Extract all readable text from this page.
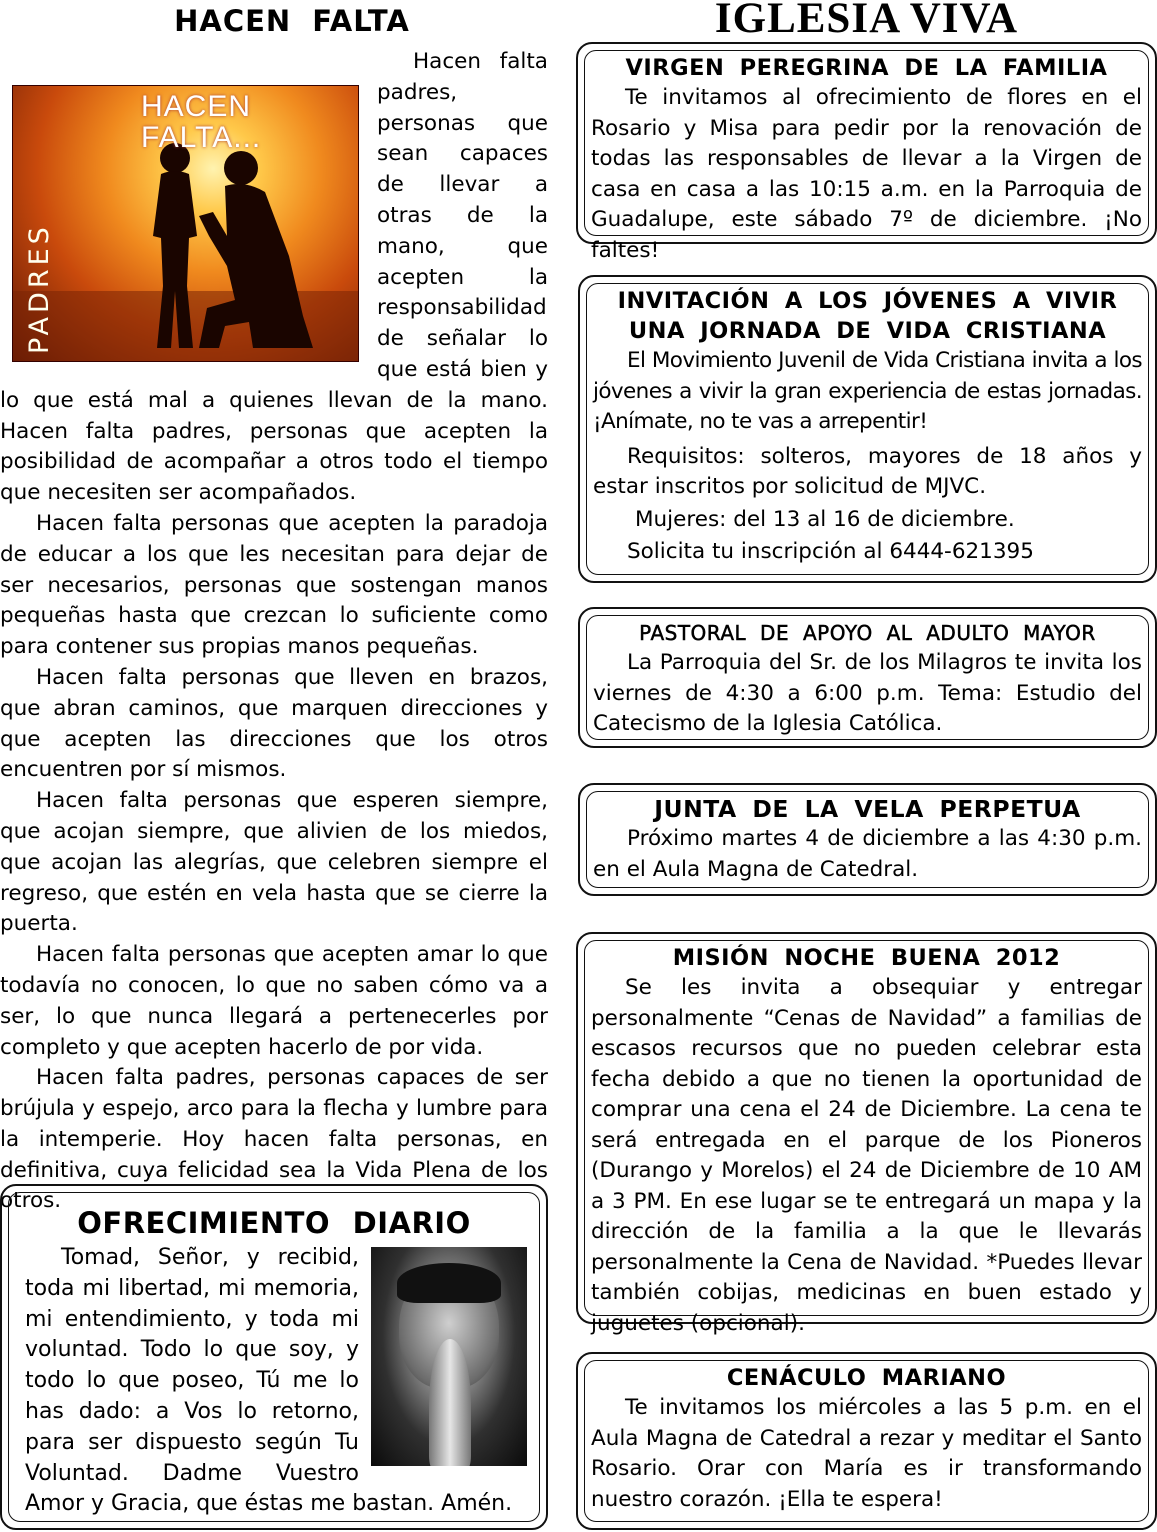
HACEN FALTA
HACEN FALTA...
PADRES

Hacen falta padres, personas que sean capaces de llevar a otras de la mano, que acepten la responsabilidad de señalar lo que está bien y lo que está mal a quienes llevan de la mano. Hacen falta padres, personas que acepten la posibilidad de acompañar a otros todo el tiempo que necesiten ser acompañados.

Hacen falta personas que acepten la paradoja de educar a los que les necesitan para dejar de ser necesarios, personas que sostengan manos pequeñas hasta que crezcan lo suficiente como para contener sus propias manos pequeñas.

Hacen falta personas que lleven en brazos, que abran caminos, que marquen direcciones y que acepten las direcciones que los otros encuentren por sí mismos.

Hacen falta personas que esperen siempre, que acojan siempre, que alivien de los miedos, que acojan las alegrías, que celebren siempre el regreso, que estén en vela hasta que se cierre la puerta.

Hacen falta personas que acepten amar lo que todavía no conocen, lo que no saben cómo va a ser, lo que nunca llegará a pertenecerles por completo y que acepten hacerlo de por vida.

Hacen falta padres, personas capaces de ser brújula y espejo, arco para la flecha y lumbre para la intemperie. Hoy hacen falta personas, en definitiva, cuya felicidad sea la Vida Plena de los otros.

OFRECIMIENTO DIARIO

Tomad, Señor, y recibid, toda mi libertad, mi memoria, mi entendimiento, y toda mi voluntad. Todo lo que soy, y todo lo que poseo, Tú me lo has dado: a Vos lo retorno, para ser dispuesto según Tu Voluntad. Dadme Vuestro Amor y Gracia, que éstas me bastan. Amén.

IGLESIA VIVA
VIRGEN PEREGRINA DE LA FAMILIA

Te invitamos al ofrecimiento de flores en el Rosario y Misa para pedir por la renovación de todas las responsables de llevar a la Virgen de casa en casa a las 10:15 a.m. en la Parroquia de Guadalupe, este sábado 7º de diciembre. ¡No faltes!

INVITACIÓN A LOS JÓVENES A VIVIR UNA JORNADA DE VIDA CRISTIANA

El Movimiento Juvenil de Vida Cristiana invita a los jóvenes a vivir la gran experiencia de estas jornadas. ¡Anímate, no te vas a arrepentir!

Requisitos: solteros, mayores de 18 años y estar inscritos por solicitud de MJVC.

Mujeres: del 13 al 16 de diciembre.

Solicita tu inscripción al 6444-621395

PASTORAL DE APOYO AL ADULTO MAYOR

La Parroquia del Sr. de los Milagros te invita los viernes de 4:30 a 6:00 p.m. Tema: Estudio del Catecismo de la Iglesia Católica.

JUNTA DE LA VELA PERPETUA

Próximo martes 4 de diciembre a las 4:30 p.m. en el Aula Magna de Catedral.

MISIÓN NOCHE BUENA 2012

Se les invita a obsequiar y entregar personalmente “Cenas de Navidad” a familias de escasos recursos que no pueden celebrar esta fecha debido a que no tienen la oportunidad de comprar una cena el 24 de Diciembre. La cena te será entregada en el parque de los Pioneros (Durango y Morelos) el 24 de Diciembre de 10 AM a 3 PM. En ese lugar se te entregará un mapa y la dirección de la familia a la que le llevarás personalmente la Cena de Navidad. *Puedes llevar también cobijas, medicinas en buen estado y juguetes (opcional).

CENÁCULO MARIANO

Te invitamos los miércoles a las 5 p.m. en el Aula Magna de Catedral a rezar y meditar el Santo Rosario. Orar con María es ir transformando nuestro corazón. ¡Ella te espera!
